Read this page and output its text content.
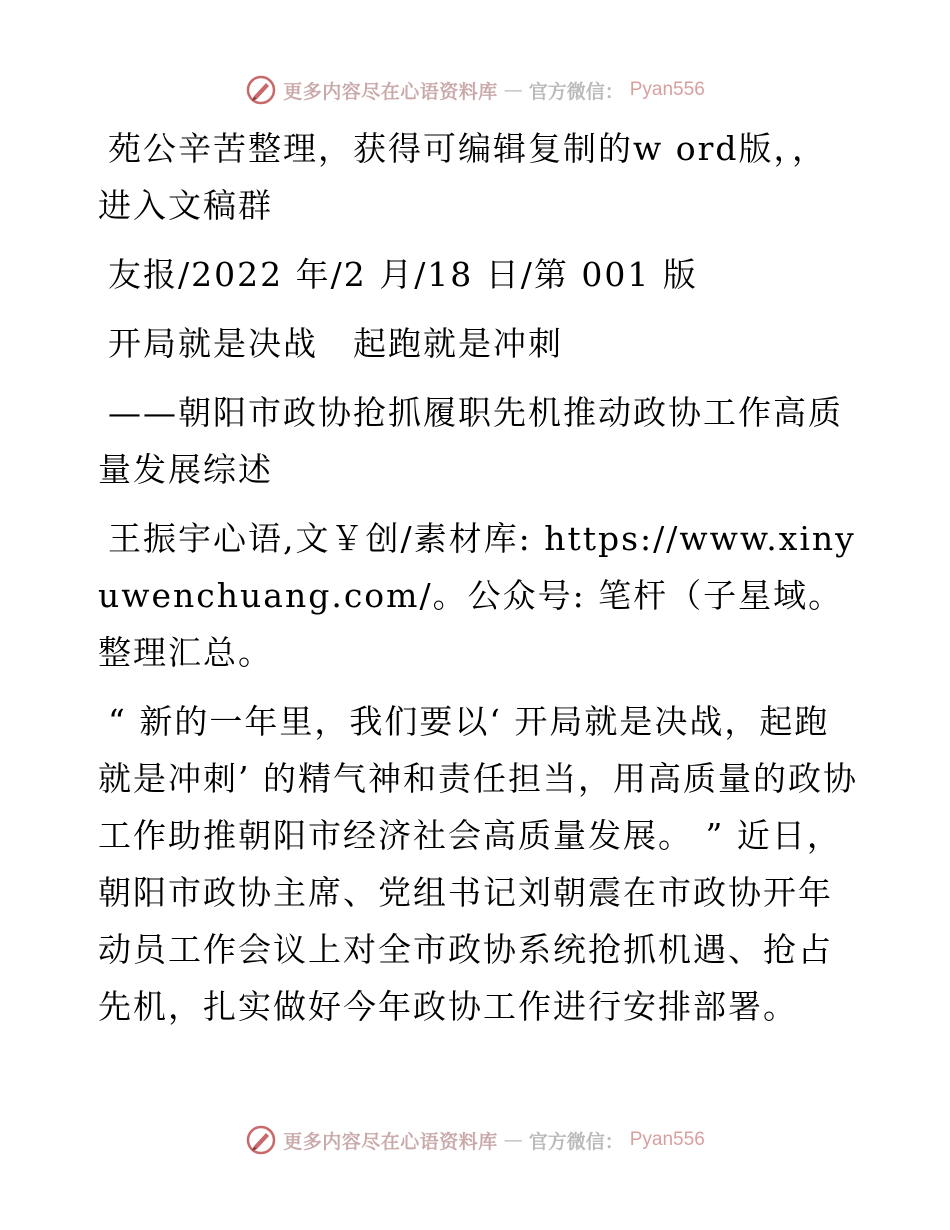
更多内容尽在心语资料库 — 官方微信： Pyan556

苑公辛苦整理，获得可编辑复制的w ord版，，进入文稿群

友报/2022 年/2 月/18 日/第 001 版

开局就是决战　起跑就是冲刺

——朝阳市政协抢抓履职先机推动政协工作高质量发展综述

王振宇心语,文￥创/素材库: https://www.xinyuwenchuang.com/。公众号: 笔杆（子星域。整理汇总。

“ 新的一年里，我们要以‘ 开局就是决战，起跑就是冲刺’ 的精气神和责任担当，用高质量的政协工作助推朝阳市经济社会高质量发展。 ” 近日，朝阳市政协主席、党组书记刘朝震在市政协开年动员工作会议上对全市政协系统抢抓机遇、抢占先机，扎实做好今年政协工作进行安排部署。

更多内容尽在心语资料库 — 官方微信： Pyan556
